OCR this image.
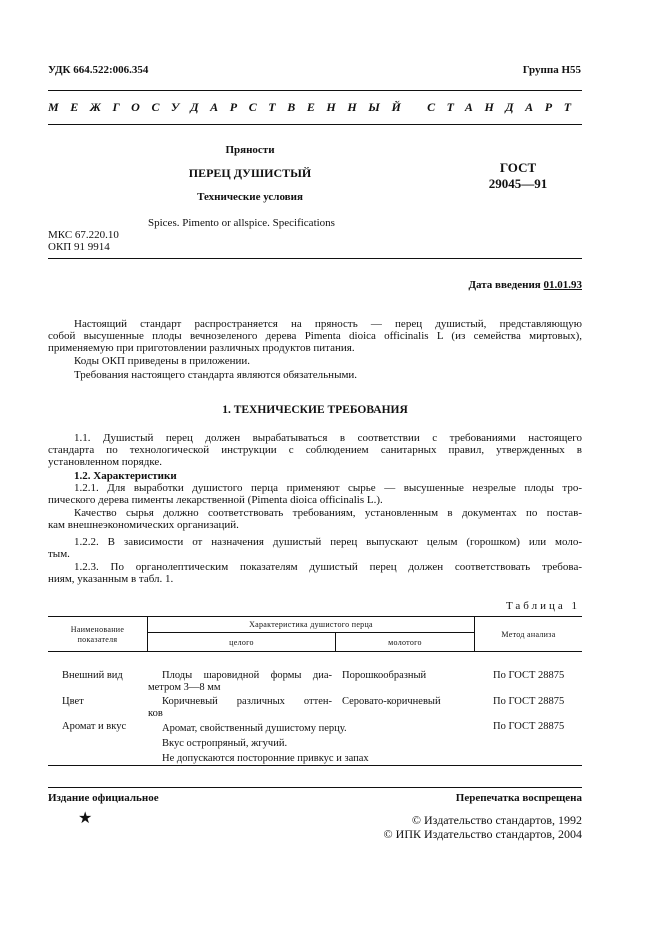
УДК 664.522:006.354	Группа Н55
МЕЖГОСУДАРСТВЕННЫЙ СТАНДАРТ
Пряности
ПЕРЕЦ ДУШИСТЫЙ
Технические условия
ГОСТ
29045—91
Spices. Pimento or allspice. Specifications
МКС 67.220.10
ОКП 91 9914
Дата введения 01.01.93
Настоящий стандарт распространяется на пряность — перец душистый, представляющую
собой высушенные плоды вечнозеленого дерева Pimenta dioica officinalis L (из семейства миртовых),
применяемую при приготовлении различных продуктов питания.
Коды ОКП приведены в приложении.
Требования настоящего стандарта являются обязательными.
1. ТЕХНИЧЕСКИЕ ТРЕБОВАНИЯ
1.1. Душистый перец должен вырабатываться в соответствии с требованиями настоящего
стандарта по технологической инструкции с соблюдением санитарных правил, утвержденных в
установленном порядке.
1.2. Характеристики
1.2.1. Для выработки душистого перца применяют сырье — высушенные незрелые плоды тро-
пического дерева пименты лекарственной (Pimenta dioica officinalis L.).
Качество сырья должно соответствовать требованиям, установленным в документах по постав-
кам внешнеэкономических организаций.
1.2.2. В зависимости от назначения душистый перец выпускают целым (горошком) или моло-
тым.
1.2.3. По органолептическим показателям душистый перец должен соответствовать требова-
ниям, указанным в табл. 1.
Таблица 1
Наименование
показателя
Характеристика душистого перца
целого	молотого
Метод анализа
Внешний вид	Плоды шаровидной формы диа-
метром 3—8 мм
Порошкообразный	По ГОСТ 28875
Цвет	Коричневый различных оттен-
ков
Серовато-коричневый	По ГОСТ 28875
Аромат и вкус	Аромат, свойственный душистому перцу.
Вкус остропряный, жгучий.
Не допускаются посторонние привкус и запах
По ГОСТ 28875
Издание официальное	Перепечатка воспрещена
★	© Издательство стандартов, 1992
© ИПК Издательство стандартов, 2004
